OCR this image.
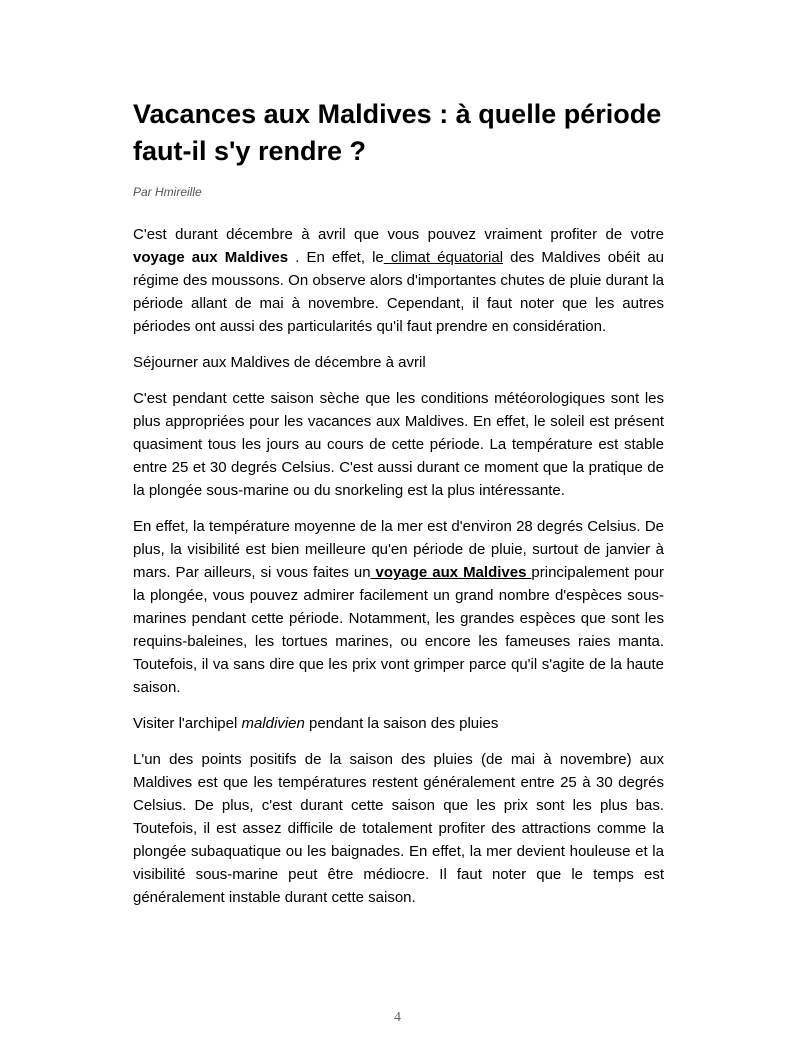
Vacances aux Maldives : à quelle période faut-il s'y rendre ?

Par Hmireille

C'est durant décembre à avril que vous pouvez vraiment profiter de votre voyage aux Maldives . En effet, le climat équatorial des Maldives obéit au régime des moussons. On observe alors d'importantes chutes de pluie durant la période allant de mai à novembre. Cependant, il faut noter que les autres périodes ont aussi des particularités qu'il faut prendre en considération.

Séjourner aux Maldives de décembre à avril

C'est pendant cette saison sèche que les conditions météorologiques sont les plus appropriées pour les vacances aux Maldives. En effet, le soleil est présent quasiment tous les jours au cours de cette période. La température est stable entre 25 et 30 degrés Celsius. C'est aussi durant ce moment que la pratique de la plongée sous-marine ou du snorkeling est la plus intéressante.

En effet, la température moyenne de la mer est d'environ 28 degrés Celsius. De plus, la visibilité est bien meilleure qu'en période de pluie, surtout de janvier à mars. Par ailleurs, si vous faites un voyage aux Maldives principalement pour la plongée, vous pouvez admirer facilement un grand nombre d'espèces sous-marines pendant cette période. Notamment, les grandes espèces que sont les requins-baleines, les tortues marines, ou encore les fameuses raies manta. Toutefois, il va sans dire que les prix vont grimper parce qu'il s'agite de la haute saison.

Visiter l'archipel maldivien pendant la saison des pluies

L'un des points positifs de la saison des pluies (de mai à novembre) aux Maldives est que les températures restent généralement entre 25 à 30 degrés Celsius. De plus, c'est durant cette saison que les prix sont les plus bas. Toutefois, il est assez difficile de totalement profiter des attractions comme la plongée subaquatique ou les baignades. En effet, la mer devient houleuse et la visibilité sous-marine peut être médiocre. Il faut noter que le temps est généralement instable durant cette saison.

4
